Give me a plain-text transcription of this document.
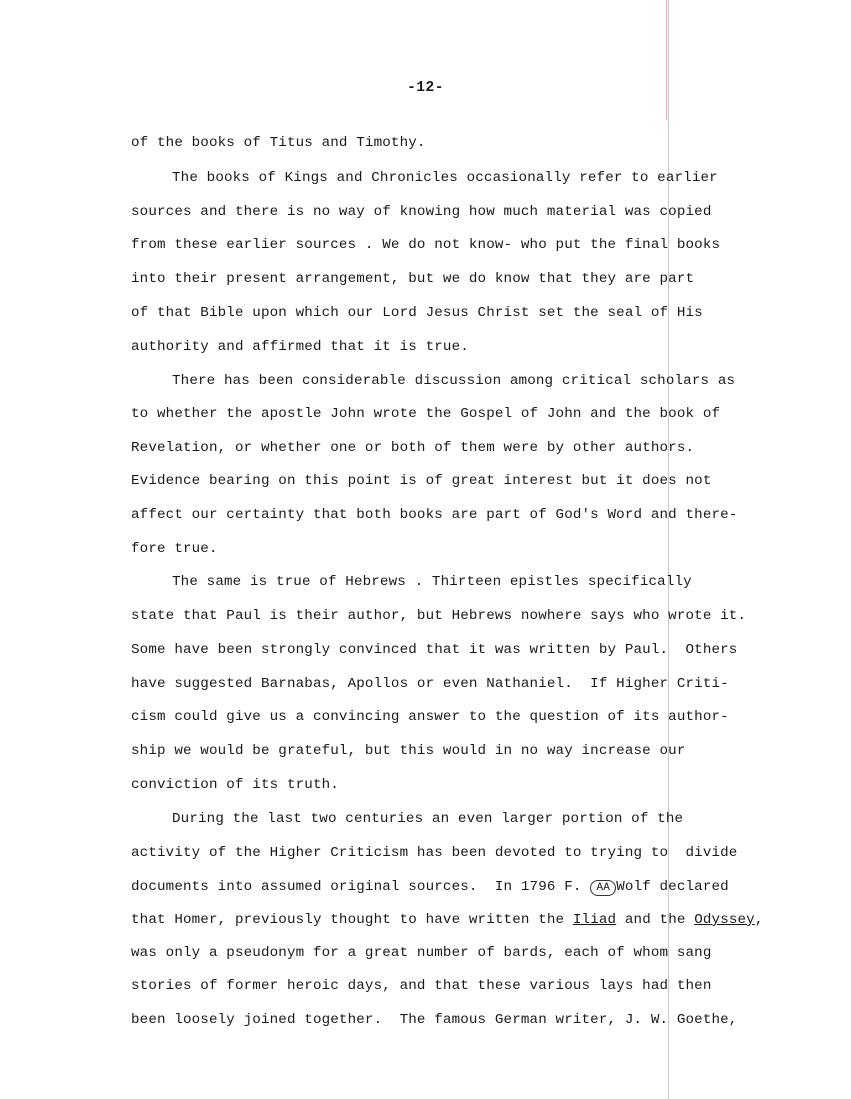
-12-
of the books of Titus and Timothy.
The books of Kings and Chronicles occasionally refer to earlier
sources and there is no way of knowing how much material was copied
from these earlier sources . We do not know- who put the final books
into their present arrangement, but we do know that they are part
of that Bible upon which our Lord Jesus Christ set the seal of His
authority and affirmed that it is true.
There has been considerable discussion among critical scholars as
to whether the apostle John wrote the Gospel of John and the book of
Revelation, or whether one or both of them were by other authors.
Evidence bearing on this point is of great interest but it does not
affect our certainty that both books are part of God's Word and there-
fore true.
The same is true of Hebrews . Thirteen epistles specifically
state that Paul is their author, but Hebrews nowhere says who wrote it.
Some have been strongly convinced that it was written by Paul.  Others
have suggested Barnabas, Apollos or even Nathaniel.  If Higher Criti-
cism could give us a convincing answer to the question of its author-
ship we would be grateful, but this would in no way increase our
conviction of its truth.
During the last two centuries an even larger portion of the
activity of the Higher Criticism has been devoted to trying to  divide
documents into assumed original sources.  In 1796 F. AA Wolf declared
that Homer, previously thought to have written the Iliad and the Odyssey,
was only a pseudonym for a great number of bards, each of whom sang
stories of former heroic days, and that these various lays had then
been loosely joined together.  The famous German writer, J. W. Goethe,
